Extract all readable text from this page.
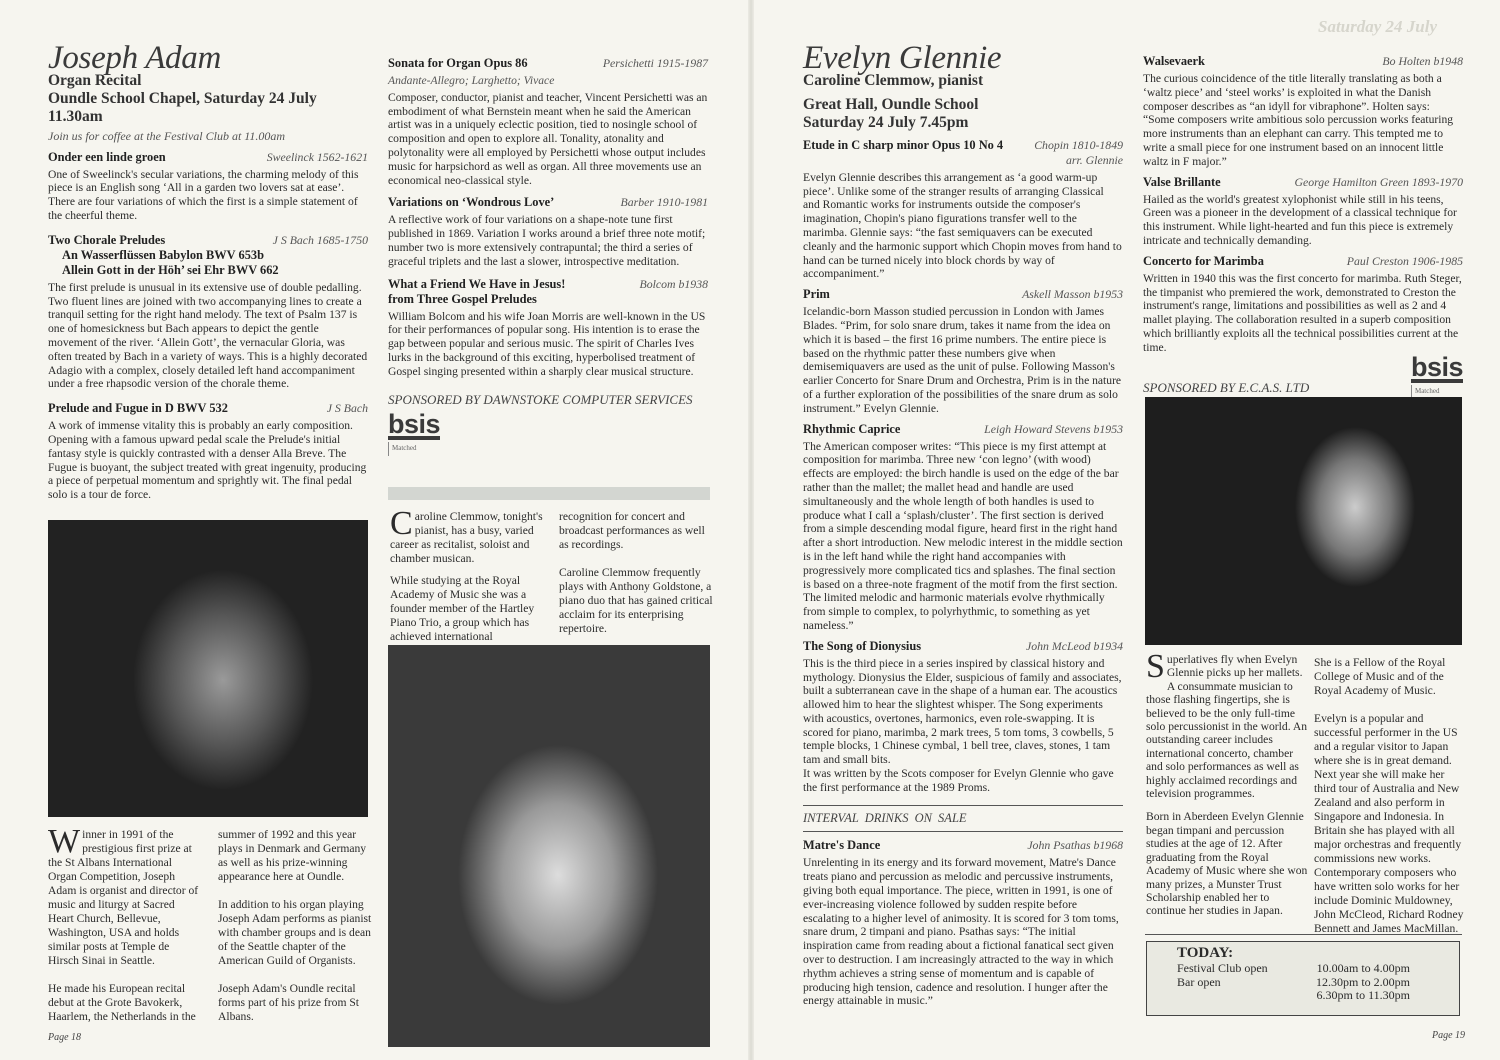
Joseph Adam
Organ Recital
Oundle School Chapel, Saturday 24 July 11.30am
Join us for coffee at the Festival Club at 11.00am
Onder een linde groen	Sweelinck 1562-1621

One of Sweelinck's secular variations, the charming melody of this piece is an English song ‘All in a garden two lovers sat at ease’. There are four variations of which the first is a simple statement of the cheerful theme.

Two Chorale Preludes	J S Bach 1685-1750
An Wasserflüssen Babylon BWV 653b
Allein Gott in der Höh’ sei Ehr BWV 662

The first prelude is unusual in its extensive use of double pedalling. Two fluent lines are joined with two accompanying lines to create a tranquil setting for the right hand melody. The text of Psalm 137 is one of homesickness but Bach appears to depict the gentle movement of the river. ‘Allein Gott’, the vernacular Gloria, was often treated by Bach in a variety of ways. This is a highly decorated Adagio with a complex, closely detailed left hand accompaniment under a free rhapsodic version of the chorale theme.

Prelude and Fugue in D BWV 532	J S Bach

A work of immense vitality this is probably an early composition. Opening with a famous upward pedal scale the Prelude's initial fantasy style is quickly contrasted with a denser Alla Breve. The Fugue is buoyant, the subject treated with great ingenuity, producing a piece of perpetual momentum and sprightly wit. The final pedal solo is a tour de force.

Winner in 1991 of the prestigious first prize at the St Albans International Organ Competition, Joseph Adam is organist and director of music and liturgy at Sacred Heart Church, Bellevue, Washington, USA and holds similar posts at Temple de Hirsch Sinai in Seattle.

He made his European recital debut at the Grote Bavokerk, Haarlem, the Netherlands in the

summer of 1992 and this year plays in Denmark and Germany as well as his prize-winning appearance here at Oundle.

In addition to his organ playing Joseph Adam performs as pianist with chamber groups and is dean of the Seattle chapter of the American Guild of Organists.

Joseph Adam's Oundle recital forms part of his prize from St Albans.

Page 18
Sonata for Organ Opus 86	Persichetti 1915-1987
Andante-Allegro; Larghetto; Vivace

Composer, conductor, pianist and teacher, Vincent Persichetti was an embodiment of what Bernstein meant when he said the American artist was in a uniquely eclectic position, tied to nosingle school of composition and open to explore all. Tonality, atonality and polytonality were all employed by Persichetti whose output includes music for harpsichord as well as organ. All three movements use an economical neo-classical style.

Variations on ‘Wondrous Love’	Barber 1910-1981

A reflective work of four variations on a shape-note tune first published in 1869. Variation I works around a brief three note motif; number two is more extensively contrapuntal; the third a series of graceful triplets and the last a slower, introspective meditation.

What a Friend We Have in Jesus!
from Three Gospel Preludes
Bolcom b1938

William Bolcom and his wife Joan Morris are well-known in the US for their performances of popular song. His intention is to erase the gap between popular and serious music. The spirit of Charles Ives lurks in the background of this exciting, hyperbolised treatment of Gospel singing presented within a sharply clear musical structure.

SPONSORED BY DAWNSTOKE COMPUTER SERVICES
bsis
Matched

Caroline Clemmow, tonight's pianist, has a busy, varied career as recitalist, soloist and chamber musican.

While studying at the Royal Academy of Music she was a founder member of the Hartley Piano Trio, a group which has achieved international

recognition for concert and broadcast performances as well as recordings.

Caroline Clemmow frequently plays with Anthony Goldstone, a piano duo that has gained critical acclaim for its enterprising repertoire.

Saturday 24 July
Evelyn Glennie
Caroline Clemmow, pianist
Great Hall, Oundle School
Saturday 24 July 7.45pm
Etude in C sharp minor Opus 10 No 4	Chopin 1810-1849
arr. Glennie

Evelyn Glennie describes this arrangement as ‘a good warm-up piece’. Unlike some of the stranger results of arranging Classical and Romantic works for instruments outside the composer's imagination, Chopin's piano figurations transfer well to the marimba. Glennie says: “the fast semiquavers can be executed cleanly and the harmonic support which Chopin moves from hand to hand can be turned nicely into block chords by way of accompaniment.”

Prim	Askell Masson b1953

Icelandic-born Masson studied percussion in London with James Blades. “Prim, for solo snare drum, takes it name from the idea on which it is based – the first 16 prime numbers. The entire piece is based on the rhythmic patter these numbers give when demisemiquavers are used as the unit of pulse. Following Masson's earlier Concerto for Snare Drum and Orchestra, Prim is in the nature of a further exploration of the possibilities of the snare drum as solo instrument.” Evelyn Glennie.

Rhythmic Caprice	Leigh Howard Stevens b1953

The American composer writes: “This piece is my first attempt at composition for marimba. Three new ‘con legno’ (with wood) effects are employed: the birch handle is used on the edge of the bar rather than the mallet; the mallet head and handle are used simultaneously and the whole length of both handles is used to produce what I call a ‘splash/cluster’. The first section is derived from a simple descending modal figure, heard first in the right hand after a short introduction. New melodic interest in the middle section is in the left hand while the right hand accompanies with progressively more complicated tics and splashes. The final section is based on a three-note fragment of the motif from the first section. The limited melodic and harmonic materials evolve rhythmically from simple to complex, to polyrhythmic, to something as yet nameless.”

The Song of Dionysius	John McLeod b1934

This is the third piece in a series inspired by classical history and mythology. Dionysius the Elder, suspicious of family and associates, built a subterranean cave in the shape of a human ear. The acoustics allowed him to hear the slightest whisper. The Song experiments with acoustics, overtones, harmonics, even role-swapping. It is scored for piano, marimba, 2 mark trees, 5 tom toms, 3 cowbells, 5 temple blocks, 1 Chinese cymbal, 1 bell tree, claves, stones, 1 tam tam and small bits.

It was written by the Scots composer for Evelyn Glennie who gave the first performance at the 1989 Proms.

INTERVAL DRINKS ON SALE
Matre's Dance	John Psathas b1968

Unrelenting in its energy and its forward movement, Matre's Dance treats piano and percussion as melodic and percussive instruments, giving both equal importance. The piece, written in 1991, is one of ever-increasing violence followed by sudden respite before escalating to a higher level of animosity. It is scored for 3 tom toms, snare drum, 2 timpani and piano. Psathas says: “The initial inspiration came from reading about a fictional fanatical sect given over to destruction. I am increasingly attracted to the way in which rhythm achieves a string sense of momentum and is capable of producing high tension, cadence and resolution. I hunger after the energy attainable in music.”

Walsevaerk	Bo Holten b1948

The curious coincidence of the title literally translating as both a ‘waltz piece’ and ‘steel works’ is exploited in what the Danish composer describes as “an idyll for vibraphone”. Holten says: “Some composers write ambitious solo percussion works featuring more instruments than an elephant can carry. This tempted me to write a small piece for one instrument based on an innocent little waltz in F major.”

Valse Brillante	George Hamilton Green 1893-1970

Hailed as the world's greatest xylophonist while still in his teens, Green was a pioneer in the development of a classical technique for this instrument. While light-hearted and fun this piece is extremely intricate and technically demanding.

Concerto for Marimba	Paul Creston 1906-1985

Written in 1940 this was the first concerto for marimba. Ruth Steger, the timpanist who premiered the work, demonstrated to Creston the instrument's range, limitations and possibilities as well as 2 and 4 mallet playing. The collaboration resulted in a superb composition which brilliantly exploits all the technical possibilities current at the time.

SPONSORED BY E.C.A.S. LTD
bsis
Matched

Superlatives fly when Evelyn Glennie picks up her mallets. A consummate musician to those flashing fingertips, she is believed to be the only full-time solo percussionist in the world. An outstanding career includes international concerto, chamber and solo performances as well as highly acclaimed recordings and television programmes.

Born in Aberdeen Evelyn Glennie began timpani and percussion studies at the age of 12. After graduating from the Royal Academy of Music where she won many prizes, a Munster Trust Scholarship enabled her to continue her studies in Japan.

She is a Fellow of the Royal College of Music and of the Royal Academy of Music.

Evelyn is a popular and successful performer in the US and a regular visitor to Japan where she is in great demand. Next year she will make her third tour of Australia and New Zealand and also perform in Singapore and Indonesia. In Britain she has played with all major orchestras and frequently commissions new works. Contemporary composers who have written solo works for her include Dominic Muldowney, John McCleod, Richard Rodney Bennett and James MacMillan.

TODAY:
Festival Club open	10.00am to 4.00pm
Bar open	12.30pm to 2.00pm
6.30pm to 11.30pm
Page 19
